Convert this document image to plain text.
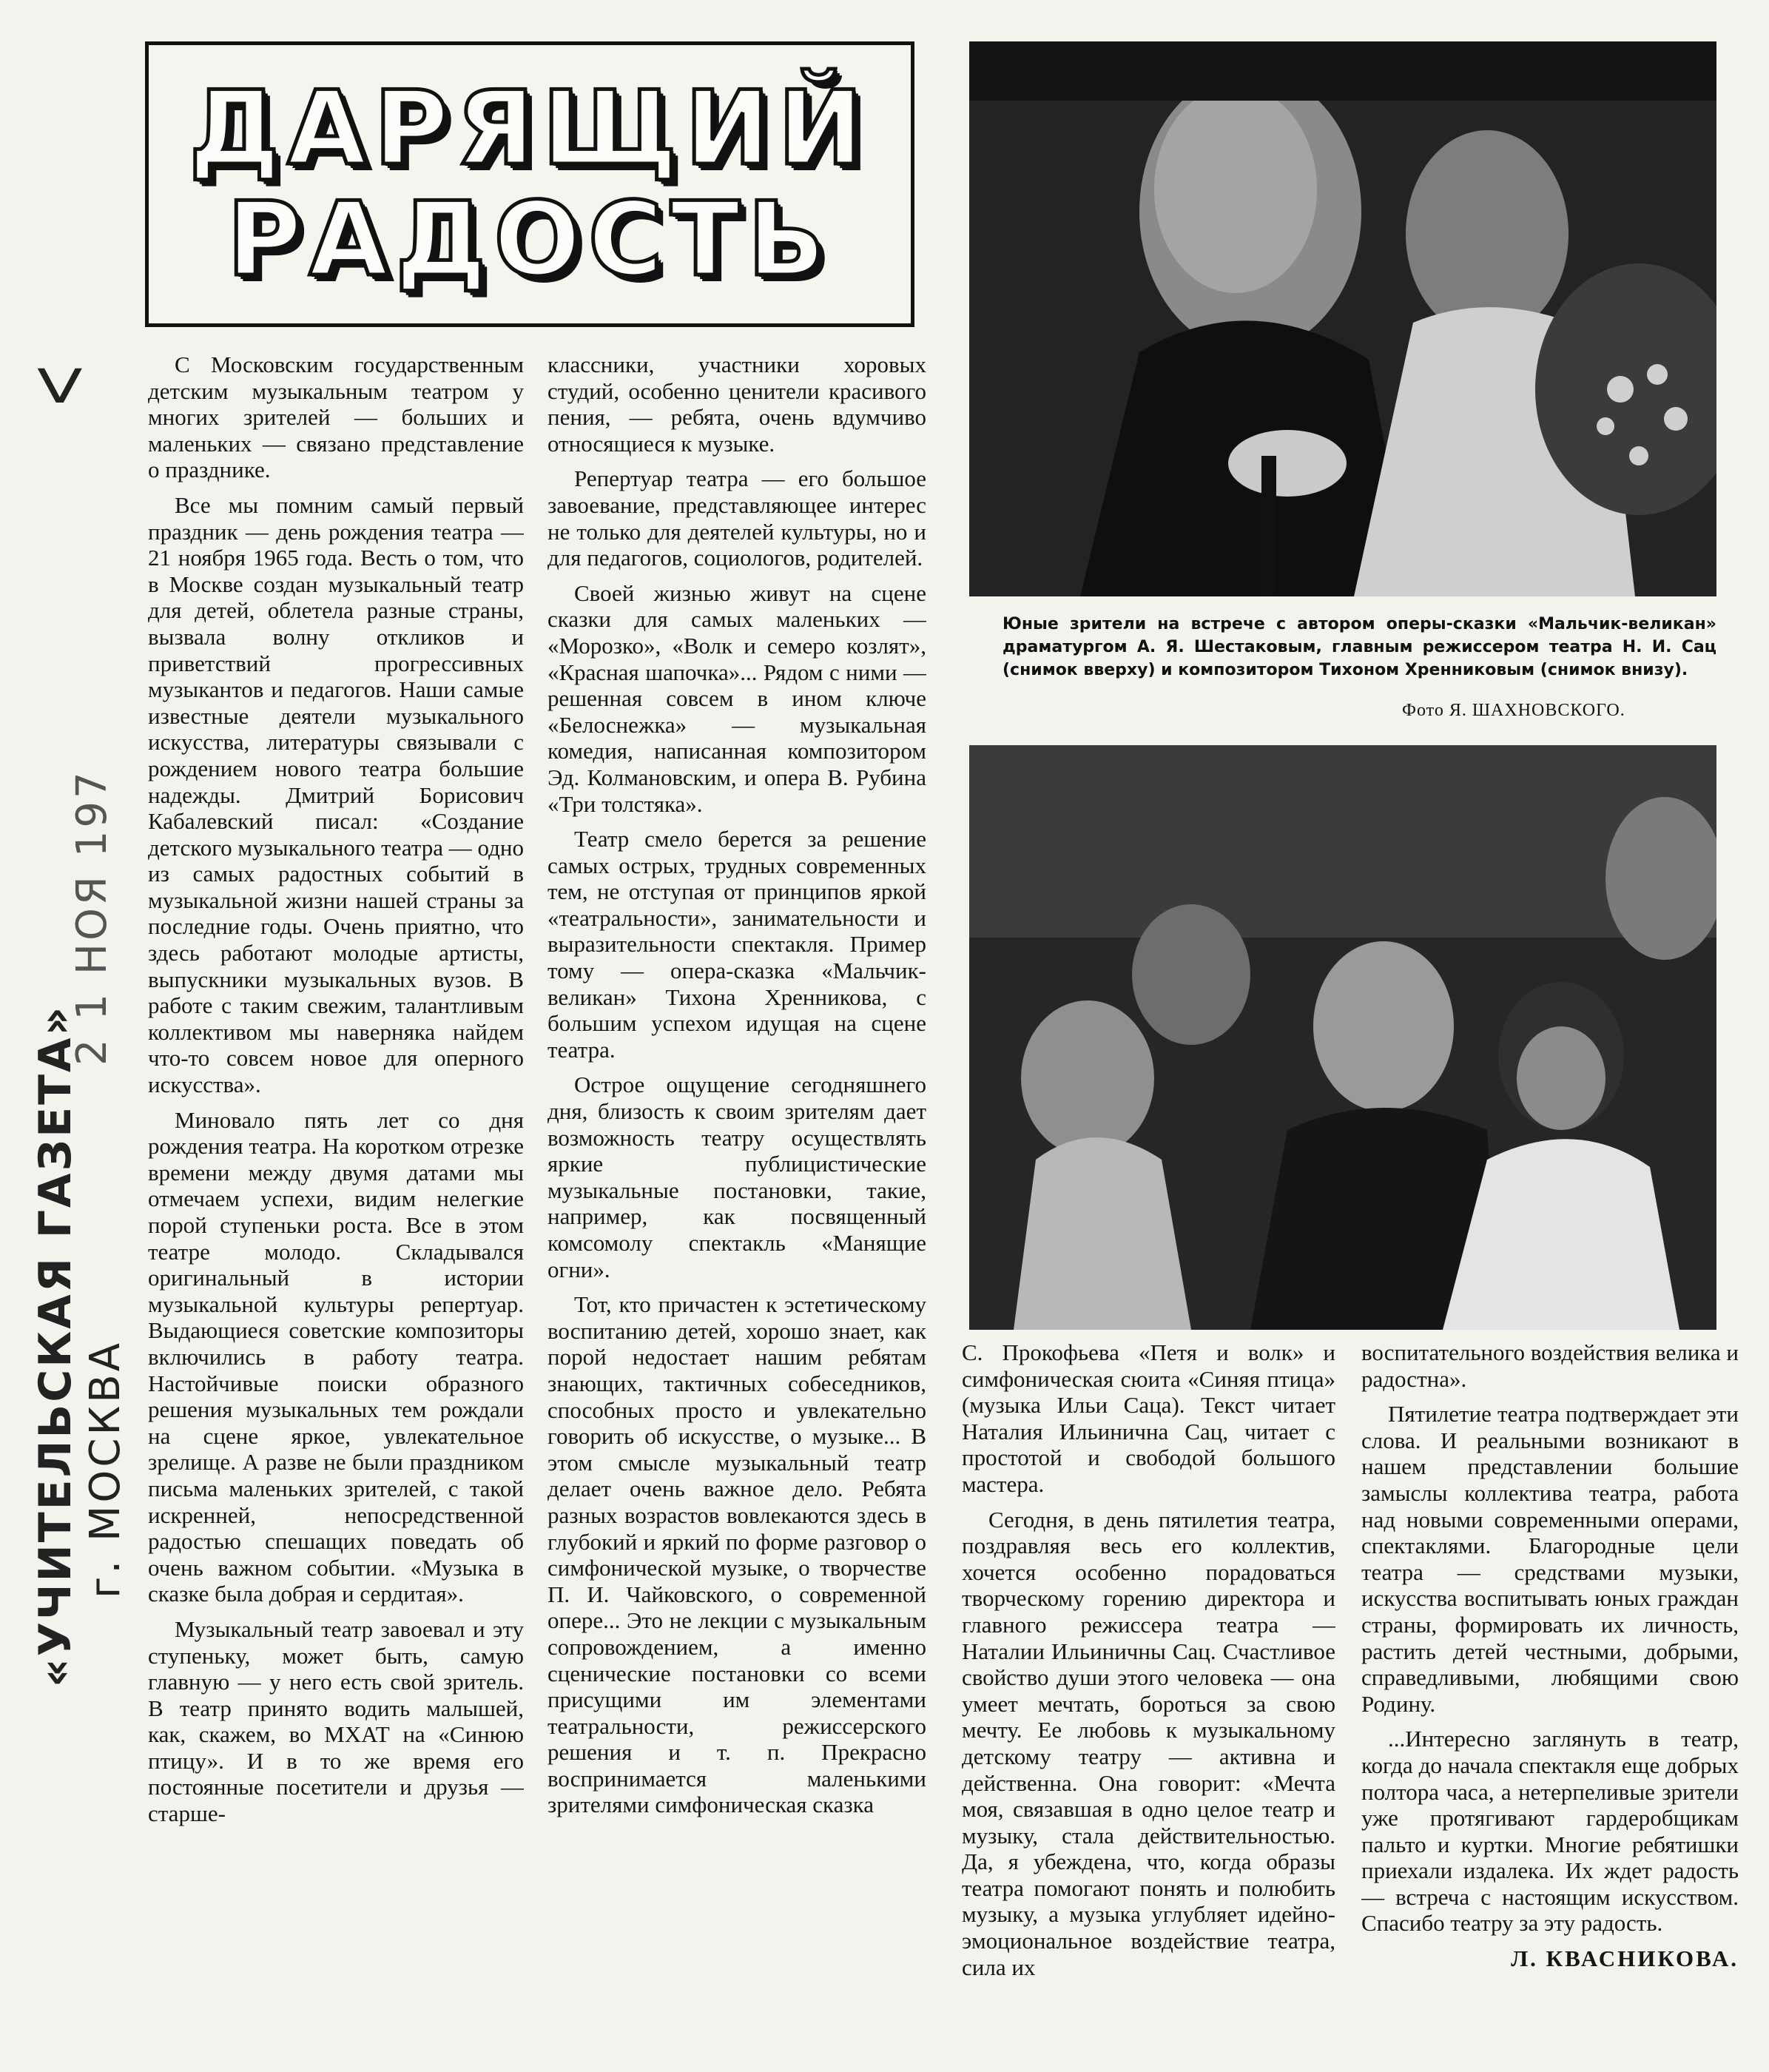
ДАРЯЩИЙ
РАДОСТЬ
V
2 1 НОЯ 197
«УЧИТЕЛЬСКАЯ ГАЗЕТА» г. МОСКВА

С Московским государственным детским музыкальным театром у многих зрителей — больших и маленьких — связано представление о празднике.

Все мы помним самый первый праздник — день рождения театра — 21 ноября 1965 года. Весть о том, что в Москве создан музыкальный театр для детей, облетела разные страны, вызвала волну откликов и приветствий прогрессивных музыкантов и педагогов. Наши самые известные деятели музыкального искусства, литературы связывали с рождением нового театра большие надежды. Дмитрий Борисович Кабалевский писал: «Создание детского музыкального театра — одно из самых радостных событий в музыкальной жизни нашей страны за последние годы. Очень приятно, что здесь работают молодые артисты, выпускники музыкальных вузов. В работе с таким свежим, талантливым коллективом мы наверняка найдем что-то совсем новое для оперного искусства».

Миновало пять лет со дня рождения театра. На коротком отрезке времени между двумя датами мы отмечаем успехи, видим нелегкие порой ступеньки роста. Все в этом театре молодо. Складывался оригинальный в истории музыкальной культуры репертуар. Выдающиеся советские композиторы включились в работу театра. Настойчивые поиски образного решения музыкальных тем рождали на сцене яркое, увлекательное зрелище. А разве не были праздником письма маленьких зрителей, с такой искренней, непосредственной радостью спешащих поведать об очень важном событии. «Музыка в сказке была добрая и сердитая».

Музыкальный театр завоевал и эту ступеньку, может быть, самую главную — у него есть свой зритель. В театр принято водить малышей, как, скажем, во МХАТ на «Синюю птицу». И в то же время его постоянные посетители и друзья — старше-

классники, участники хоровых студий, особенно ценители красивого пения, — ребята, очень вдумчиво относящиеся к музыке.

Репертуар театра — его большое завоевание, представляющее интерес не только для деятелей культуры, но и для педагогов, социологов, родителей.

Своей жизнью живут на сцене сказки для самых маленьких — «Морозко», «Волк и семеро козлят», «Красная шапочка»... Рядом с ними — решенная совсем в ином ключе «Белоснежка» — музыкальная комедия, написанная композитором Эд. Колмановским, и опера В. Рубина «Три толстяка».

Театр смело берется за решение самых острых, трудных современных тем, не отступая от принципов яркой «театральности», занимательности и выразительности спектакля. Пример тому — опера-сказка «Мальчик-великан» Тихона Хренникова, с большим успехом идущая на сцене театра.

Острое ощущение сегодняшнего дня, близость к своим зрителям дает возможность театру осуществлять яркие публицистические музыкальные постановки, такие, например, как посвященный комсомолу спектакль «Манящие огни».

Тот, кто причастен к эстетическому воспитанию детей, хорошо знает, как порой недостает нашим ребятам знающих, тактичных собеседников, способных просто и увлекательно говорить об искусстве, о музыке... В этом смысле музыкальный театр делает очень важное дело. Ребята разных возрастов вовлекаются здесь в глубокий и яркий по форме разговор о симфонической музыке, о творчестве П. И. Чайковского, о современной опере... Это не лекции с музыкальным сопровождением, а именно сценические постановки со всеми присущими им элементами театральности, режиссерского решения и т. п. Прекрасно воспринимается маленькими зрителями симфоническая сказка

Юные зрители на встрече с автором оперы-сказки «Мальчик-великан» драматургом А. Я. Шестаковым, главным режиссером театра Н. И. Сац (снимок вверху) и композитором Тихоном Хренниковым (снимок внизу).
Фото Я. ШАХНОВСКОГО.

С. Прокофьева «Петя и волк» и симфоническая сюита «Синяя птица» (музыка Ильи Саца). Текст читает Наталия Ильинична Сац, читает с простотой и свободой большого мастера.

Сегодня, в день пятилетия театра, поздравляя весь его коллектив, хочется особенно порадоваться творческому горению директора и главного режиссера театра — Наталии Ильиничны Сац. Счастливое свойство души этого человека — она умеет мечтать, бороться за свою мечту. Ее любовь к музыкальному детскому театру — активна и действенна. Она говорит: «Мечта моя, связавшая в одно целое театр и музыку, стала действительностью. Да, я убеждена, что, когда образы театра помогают понять и полюбить музыку, а музыка углубляет идейно-эмоциональное воздействие театра, сила их

воспитательного воздействия велика и радостна».

Пятилетие театра подтверждает эти слова. И реальными возникают в нашем представлении большие замыслы коллектива театра, работа над новыми современными операми, спектаклями. Благородные цели театра — средствами музыки, искусства воспитывать юных граждан страны, формировать их личность, растить детей честными, добрыми, справедливыми, любящими свою Родину.

...Интересно заглянуть в театр, когда до начала спектакля еще добрых полтора часа, а нетерпеливые зрители уже протягивают гардеробщикам пальто и куртки. Многие ребятишки приехали издалека. Их ждет радость — встреча с настоящим искусством. Спасибо театру за эту радость.

Л. КВАСНИКОВА.
